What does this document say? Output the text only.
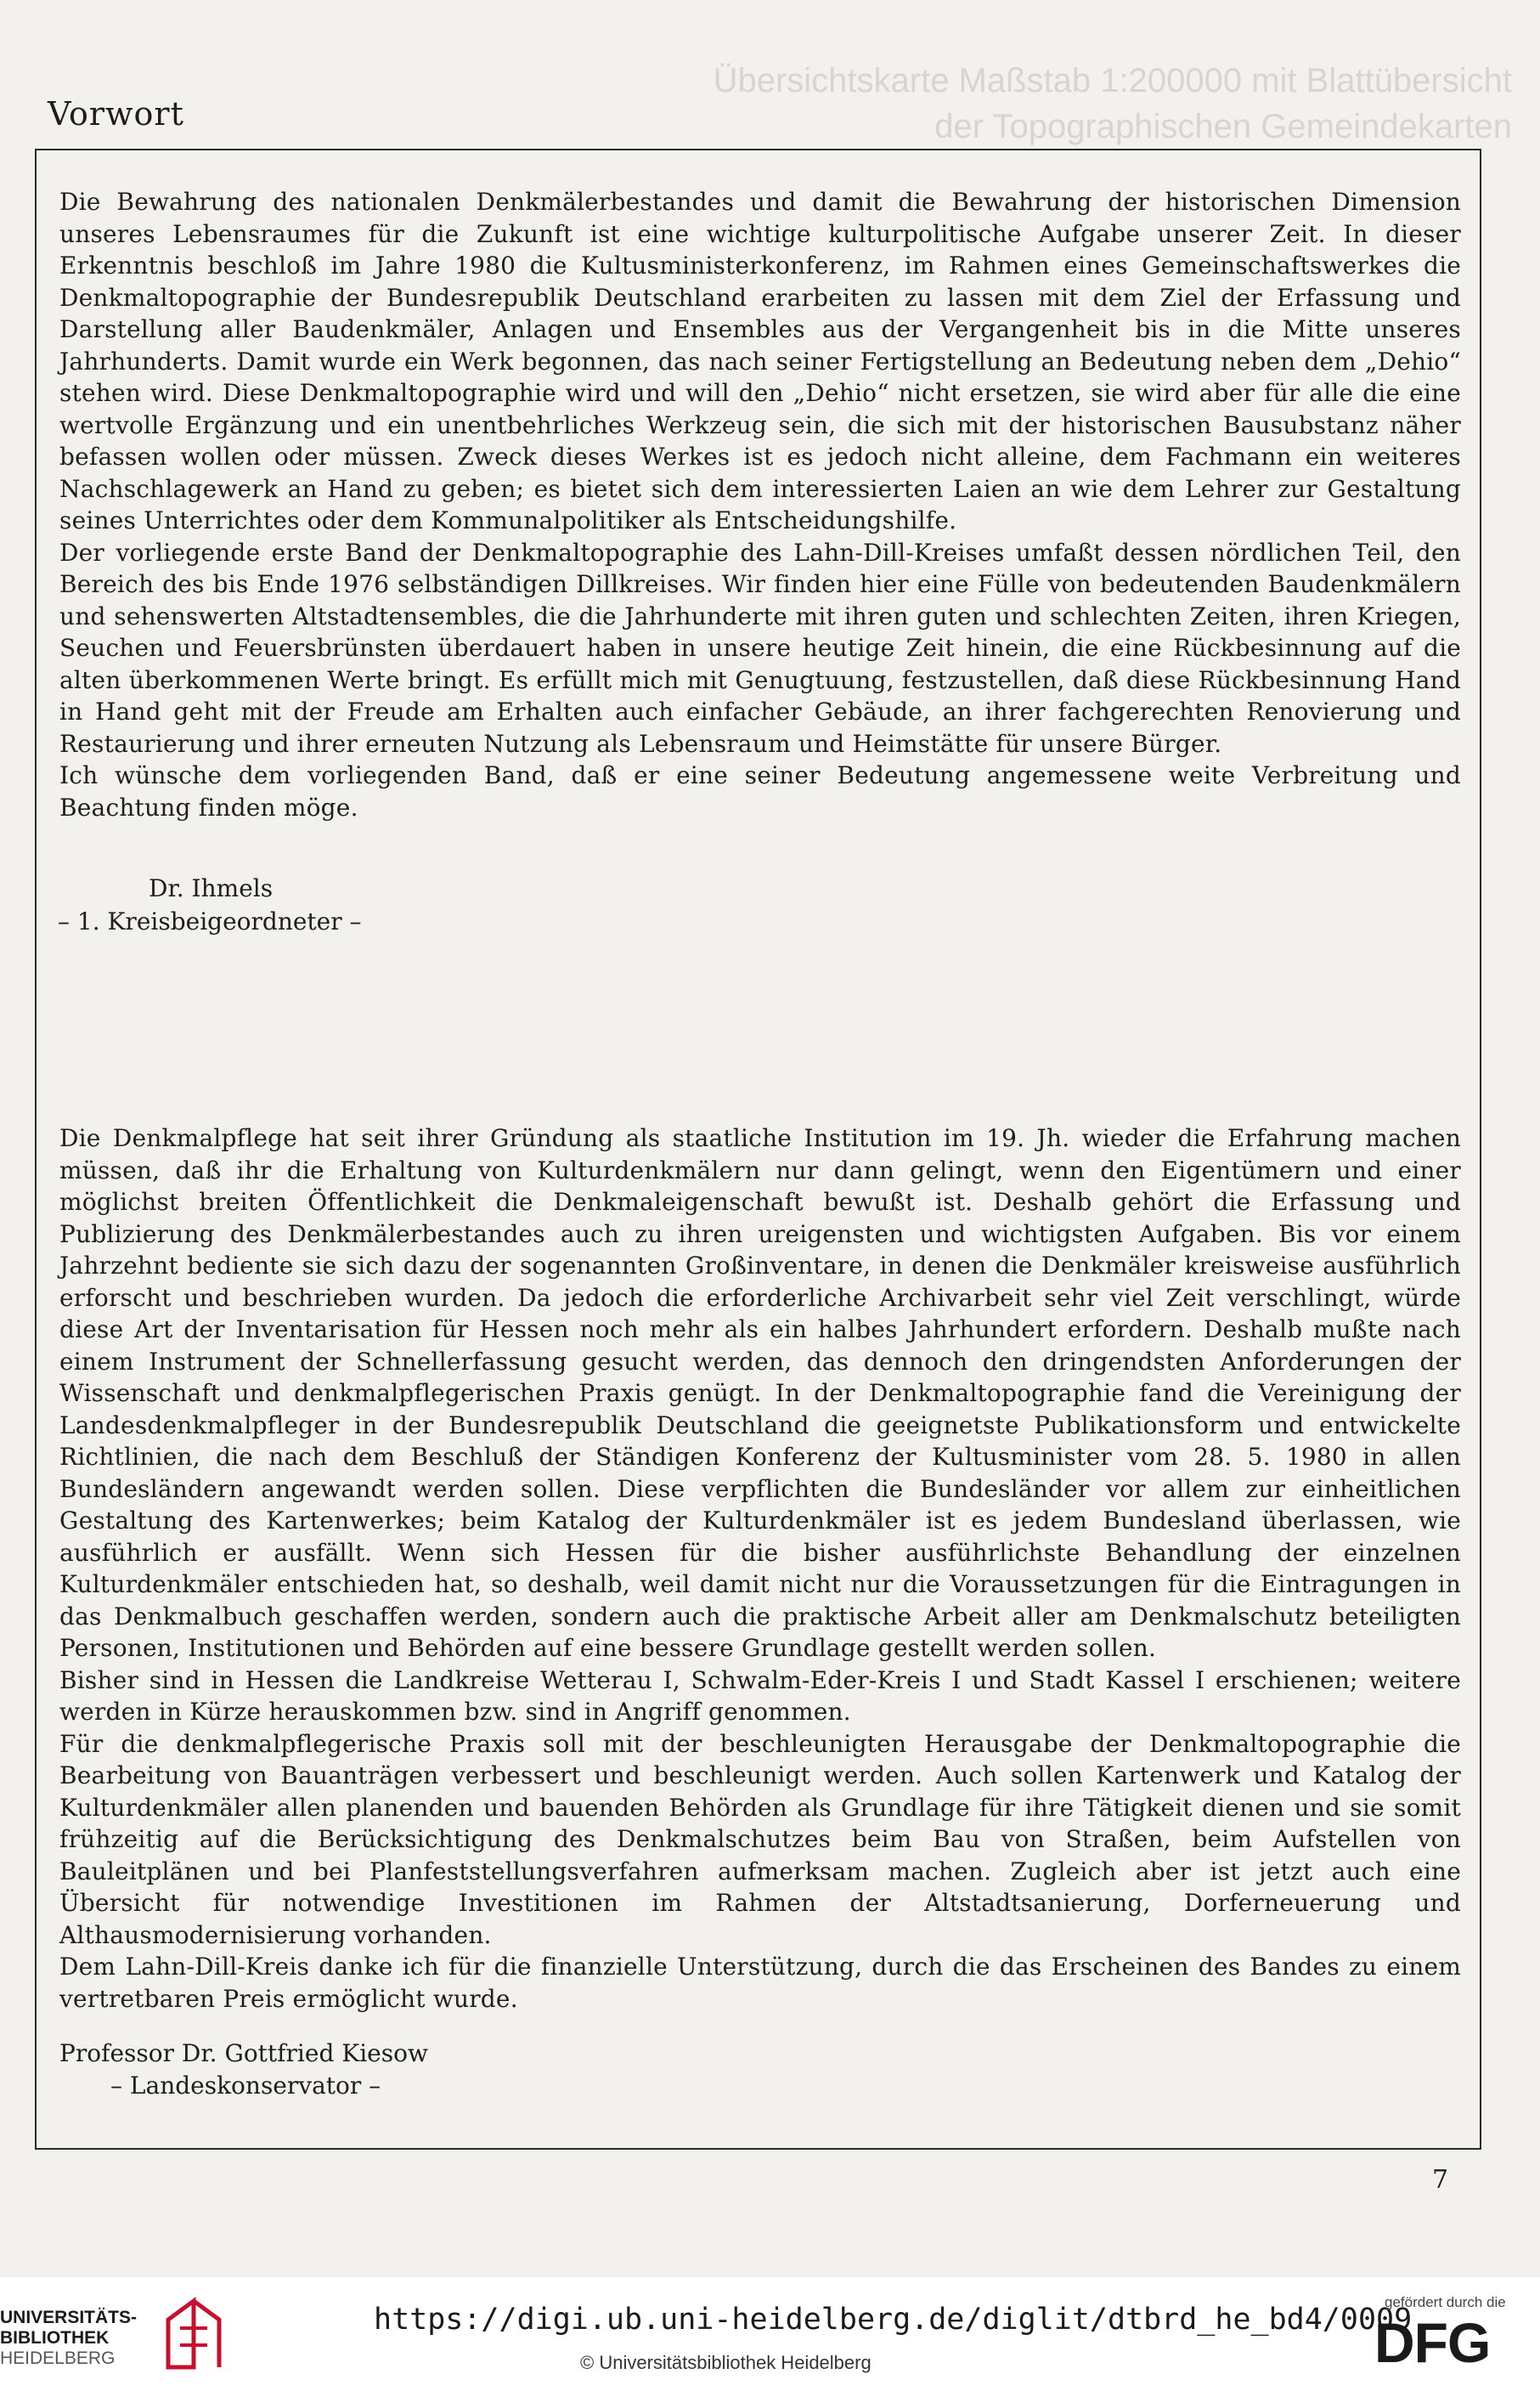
Übersichtskarte Maßstab 1:200000 mit Blattübersicht
der Topographischen Gemeindekarten
Vorwort

Die Bewahrung des nationalen Denkmälerbestandes und damit die Bewahrung der historischen Dimension unseres Lebensraumes für die Zukunft ist eine wichtige kulturpolitische Aufgabe unserer Zeit. In dieser Erkenntnis beschloß im Jahre 1980 die Kultusministerkonferenz, im Rahmen eines Gemeinschaftswerkes die Denkmaltopographie der Bundesrepublik Deutschland erarbeiten zu lassen mit dem Ziel der Erfassung und Darstellung aller Baudenkmäler, Anlagen und Ensembles aus der Vergangenheit bis in die Mitte unseres Jahrhunderts. Damit wurde ein Werk begonnen, das nach seiner Fertigstellung an Bedeutung neben dem „Dehio“ stehen wird. Diese Denkmaltopographie wird und will den „Dehio“ nicht ersetzen, sie wird aber für alle die eine wertvolle Ergänzung und ein unentbehrliches Werkzeug sein, die sich mit der historischen Bausubstanz näher befassen wollen oder müssen. Zweck dieses Werkes ist es jedoch nicht alleine, dem Fachmann ein weiteres Nachschlagewerk an Hand zu geben; es bietet sich dem interessierten Laien an wie dem Lehrer zur Gestaltung seines Unterrichtes oder dem Kommunalpolitiker als Entscheidungshilfe.

Der vorliegende erste Band der Denkmaltopographie des Lahn-Dill-Kreises umfaßt dessen nördlichen Teil, den Bereich des bis Ende 1976 selbständigen Dillkreises. Wir finden hier eine Fülle von bedeutenden Baudenkmälern und sehenswerten Altstadtensembles, die die Jahrhunderte mit ihren guten und schlechten Zeiten, ihren Kriegen, Seuchen und Feuersbrünsten überdauert haben in unsere heutige Zeit hinein, die eine Rückbesinnung auf die alten überkommenen Werte bringt. Es erfüllt mich mit Genugtuung, festzustellen, daß diese Rückbesinnung Hand in Hand geht mit der Freude am Erhalten auch einfacher Gebäude, an ihrer fachgerechten Renovierung und Restaurierung und ihrer erneuten Nutzung als Lebensraum und Heimstätte für unsere Bürger.

Ich wünsche dem vorliegenden Band, daß er eine seiner Bedeutung angemessene weite Verbreitung und Beachtung finden möge.

Dr. Ihmels
– 1. Kreisbeigeordneter –

Die Denkmalpflege hat seit ihrer Gründung als staatliche Institution im 19. Jh. wieder die Erfahrung machen müssen, daß ihr die Erhaltung von Kulturdenkmälern nur dann gelingt, wenn den Eigentümern und einer möglichst breiten Öffentlichkeit die Denkmaleigenschaft bewußt ist. Deshalb gehört die Erfassung und Publizierung des Denkmälerbestandes auch zu ihren ureigensten und wichtigsten Aufgaben. Bis vor einem Jahrzehnt bediente sie sich dazu der sogenannten Großinventare, in denen die Denkmäler kreisweise ausführlich erforscht und beschrieben wurden. Da jedoch die erforderliche Archivarbeit sehr viel Zeit verschlingt, würde diese Art der Inventarisation für Hessen noch mehr als ein halbes Jahrhundert erfordern. Deshalb mußte nach einem Instrument der Schnellerfassung gesucht werden, das dennoch den dringendsten Anforderungen der Wissenschaft und denkmalpflegerischen Praxis genügt. In der Denkmaltopographie fand die Vereinigung der Landesdenkmalpfleger in der Bundesrepublik Deutschland die geeignetste Publikationsform und entwickelte Richtlinien, die nach dem Beschluß der Ständigen Konferenz der Kultusminister vom 28. 5. 1980 in allen Bundesländern angewandt werden sollen. Diese verpflichten die Bundesländer vor allem zur einheitlichen Gestaltung des Kartenwerkes; beim Katalog der Kulturdenkmäler ist es jedem Bundesland überlassen, wie ausführlich er ausfällt. Wenn sich Hessen für die bisher ausführlichste Behandlung der einzelnen Kulturdenkmäler entschieden hat, so deshalb, weil damit nicht nur die Voraussetzungen für die Eintragungen in das Denkmalbuch geschaffen werden, sondern auch die praktische Arbeit aller am Denkmalschutz beteiligten Personen, Institutionen und Behörden auf eine bessere Grundlage gestellt werden sollen.

Bisher sind in Hessen die Landkreise Wetterau I, Schwalm-Eder-Kreis I und Stadt Kassel I erschienen; weitere werden in Kürze herauskommen bzw. sind in Angriff genommen.

Für die denkmalpflegerische Praxis soll mit der beschleunigten Herausgabe der Denkmaltopographie die Bearbeitung von Bauanträgen verbessert und beschleunigt werden. Auch sollen Kartenwerk und Katalog der Kulturdenkmäler allen planenden und bauenden Behörden als Grundlage für ihre Tätigkeit dienen und sie somit frühzeitig auf die Berücksichtigung des Denkmalschutzes beim Bau von Straßen, beim Aufstellen von Bauleitplänen und bei Planfeststellungsverfahren aufmerksam machen. Zugleich aber ist jetzt auch eine Übersicht für notwendige Investitionen im Rahmen der Altstadtsanierung, Dorferneuerung und Althausmodernisierung vorhanden.

Dem Lahn-Dill-Kreis danke ich für die finanzielle Unterstützung, durch die das Erscheinen des Bandes zu einem vertretbaren Preis ermöglicht wurde.

Professor Dr. Gottfried Kiesow
– Landeskonservator –
7
UNIVERSITÄTS-
BIBLIOTHEK
HEIDELBERG
https://digi.ub.uni-heidelberg.de/diglit/dtbrd_he_bd4/0009
© Universitätsbibliothek Heidelberg
gefördert durch die
DFG
